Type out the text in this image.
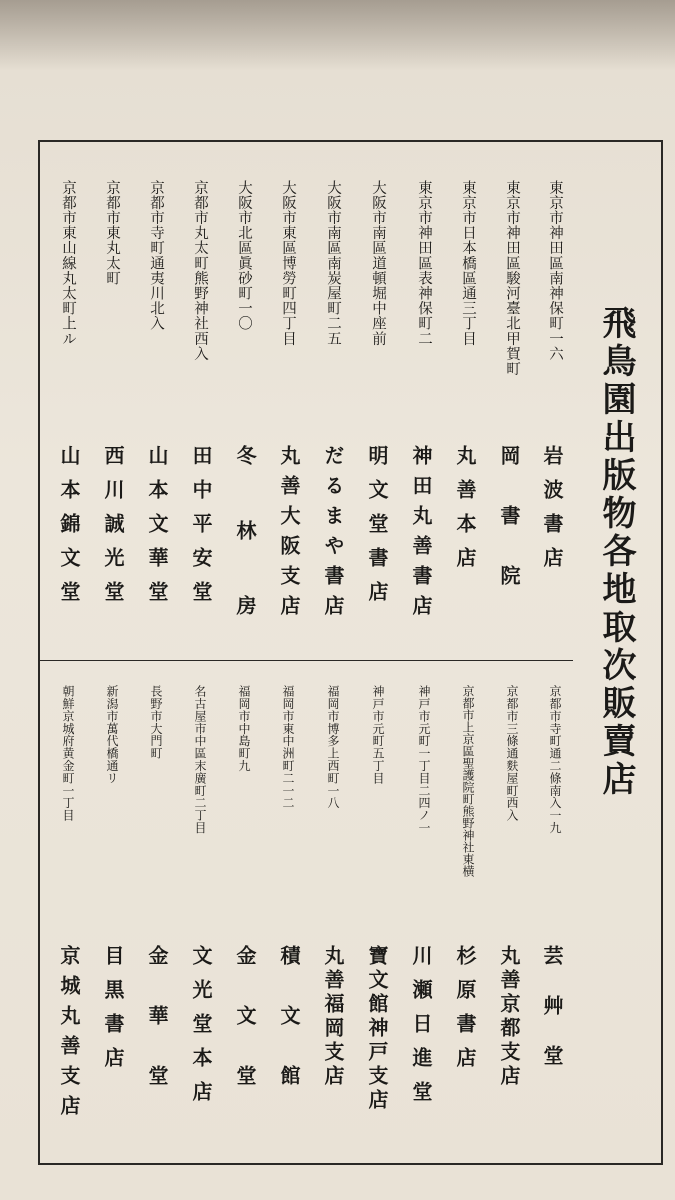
飛鳥園出版物各地取次販賣店
東京市神田區南神保町一六
岩波書店
東京市神田區駿河臺北甲賀町
岡書院
東京市日本橋區通三丁目
丸善本店
東京市神田區表神保町二
神田丸善書店
大阪市南區道頓堀中座前
明文堂書店
大阪市南區南炭屋町二五
だるまや書店
大阪市東區博勞町四丁目
丸善大阪支店
大阪市北區眞砂町一〇
冬林房
京都市丸太町熊野神社西入
田中平安堂
京都市寺町通夷川北入
山本文華堂
京都市東丸太町
西川誠光堂
京都市東山線丸太町上ル
山本錦文堂
京都市寺町通二條南入一九
芸艸堂
京都市三條通麩屋町西入
丸善京都支店
京都市上京區聖護院町熊野神社東横
杉原書店
神戸市元町一丁目二四ノ一
川瀬日進堂
神戸市元町五丁目
寶文館神戸支店
福岡市博多上西町一八
丸善福岡支店
福岡市東中洲町二一二
積文館
福岡市中島町九
金文堂
名古屋市中區末廣町二丁目
文光堂本店
長野市大門町
金華堂
新潟市萬代橋通リ
目黒書店
朝鮮京城府黄金町一丁目
京城丸善支店
